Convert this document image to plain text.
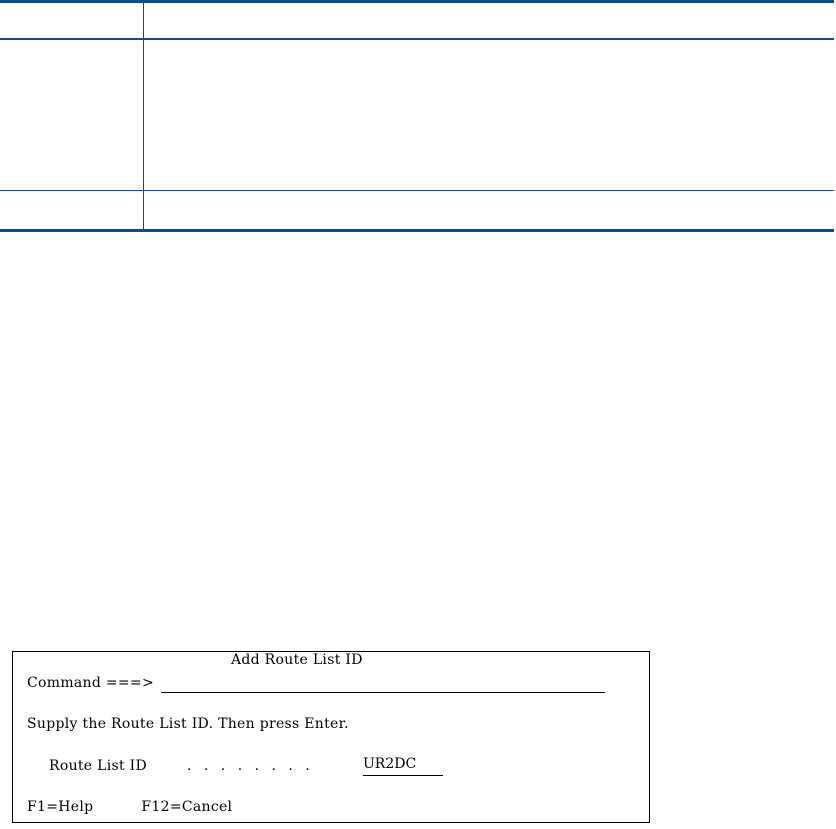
Add Route List ID
Command ===>
Supply the Route List ID. Then press Enter.
Route List ID	. . . . . . . .
UR2DC
F1=Help	F12=Cancel
